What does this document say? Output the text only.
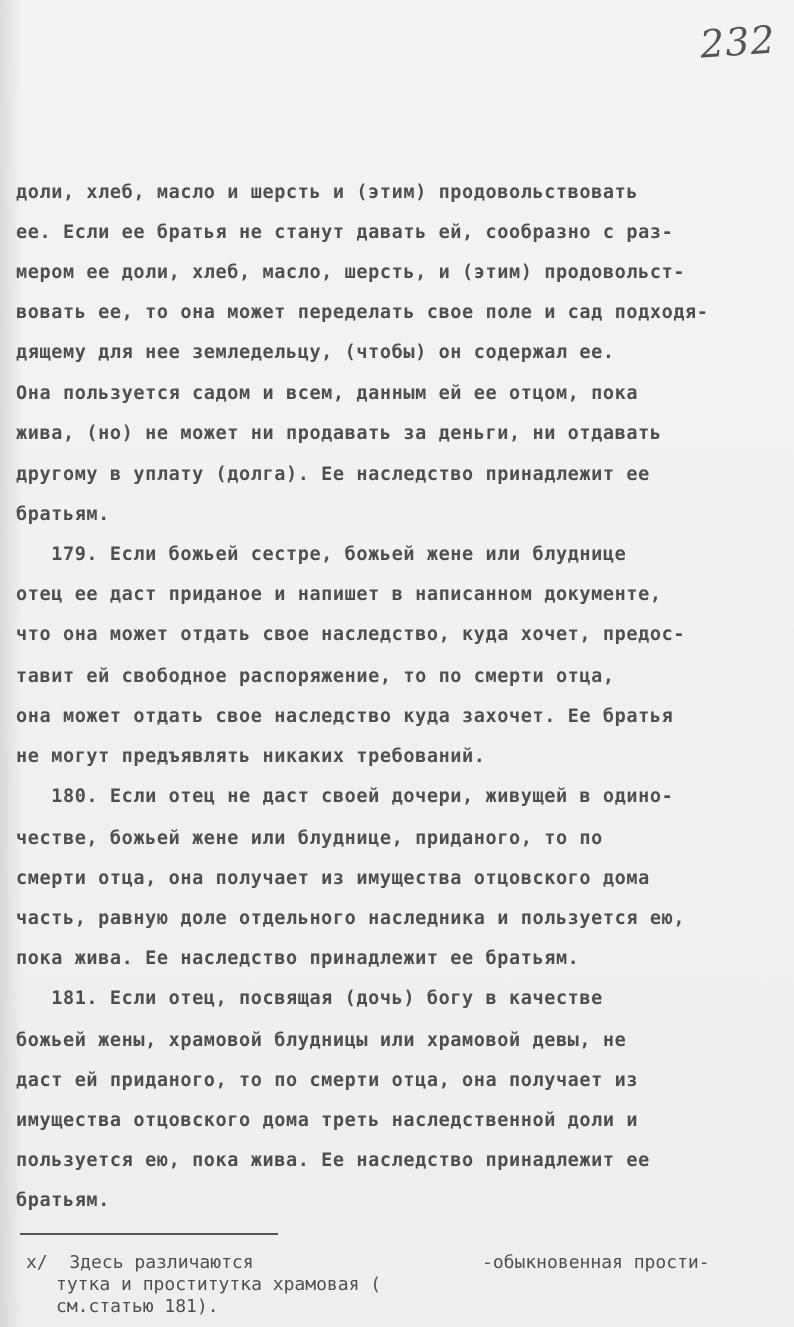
232
доли, хлеб, масло и шерсть и (этим) продовольствовать
ее. Если ее братья не станут давать ей, сообразно с раз-
мером ее доли, хлеб, масло, шерсть, и (этим) продовольст-
вовать ее, то она может переделать свое поле и сад подходя-
дящему для нее земледельцу, (чтобы) он содержал ее.
Она пользуется садом и всем, данным ей ее отцом, пока
жива, (но) не может ни продавать за деньги, ни отдавать
другому в уплату (долга). Ее наследство принадлежит ее
братьям.
179. Если божьей сестре, божьей жене или блуднице
отец ее даст приданое и напишет в написанном документе,
что она может отдать свое наследство, куда хочет, предос-
тавит ей свободное распоряжение, то по смерти отца,
она может отдать свое наследство куда захочет. Ее братья
не могут предъявлять никаких требований.
180. Если отец не даст своей дочери, живущей в одино-
честве, божьей жене или блуднице, приданого, то по
смерти отца, она получает из имущества отцовского дома
часть, равную доле отдельного наследника и пользуется ею,
пока жива. Ее наследство принадлежит ее братьям.
181. Если отец, посвящая (дочь) богу в качестве
божьей жены, храмовой блудницы или храмовой девы, не
даст ей приданого, то по смерти отца, она получает из
имущества отцовского дома треть наследственной доли и
пользуется ею, пока жива. Ее наследство принадлежит ее
братьям.
x/  Здесь различаются	-обыкновенная прости-
тутка и проститутка храмовая (
см.статью 181).
